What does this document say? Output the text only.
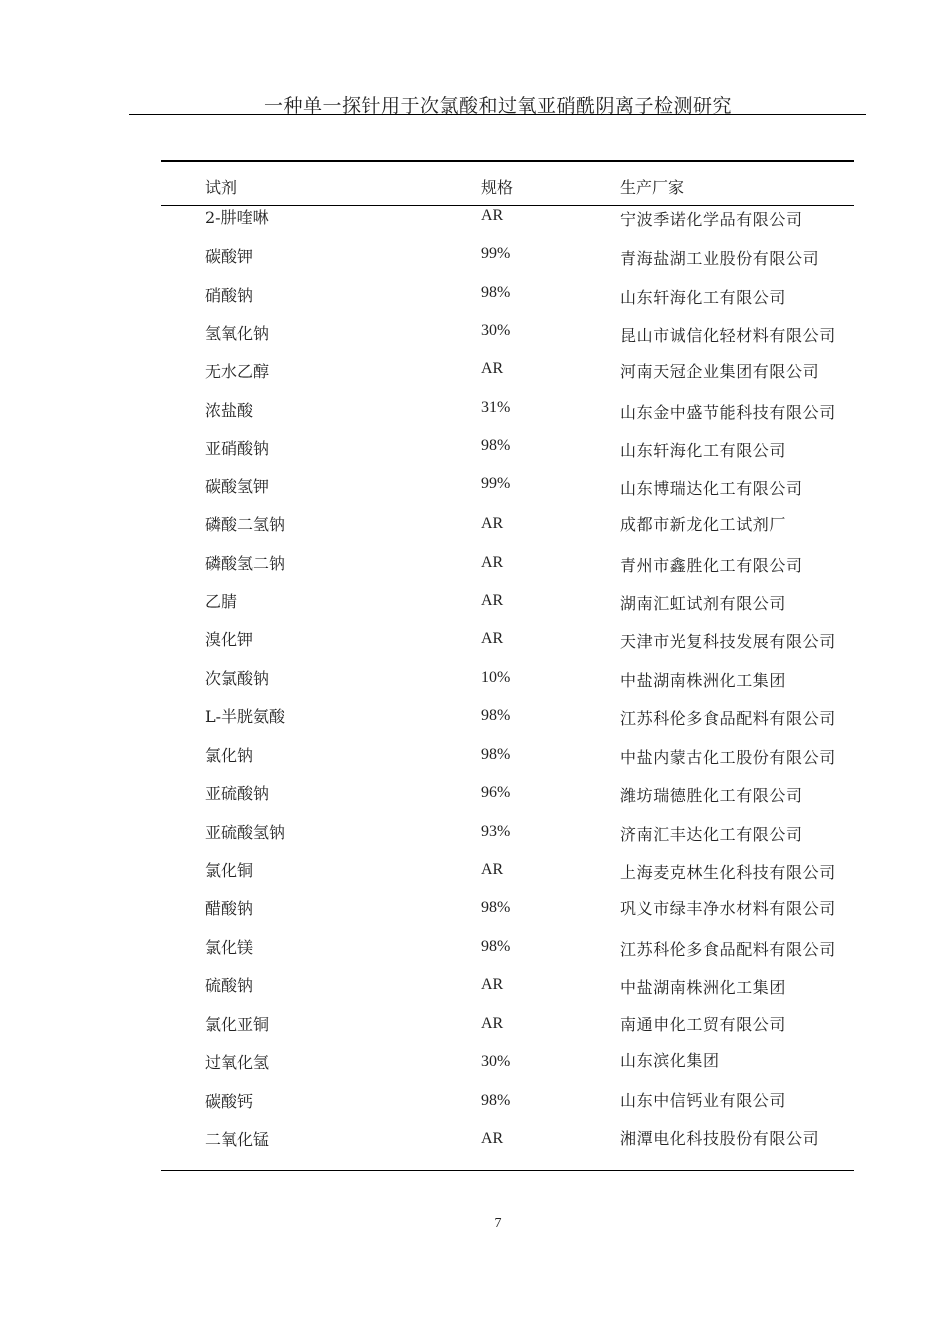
一种单一探针用于次氯酸和过氧亚硝酰阴离子检测研究
试剂	规格	生产厂家
2-肼喹啉	AR	宁波季诺化学品有限公司
碳酸钾	99%	青海盐湖工业股份有限公司
硝酸钠	98%	山东轩海化工有限公司
氢氧化钠	30%	昆山市诚信化轻材料有限公司
无水乙醇	AR	河南天冠企业集团有限公司
浓盐酸	31%	山东金中盛节能科技有限公司
亚硝酸钠	98%	山东轩海化工有限公司
碳酸氢钾	99%	山东博瑞达化工有限公司
磷酸二氢钠	AR	成都市新龙化工试剂厂
磷酸氢二钠	AR	青州市鑫胜化工有限公司
乙腈	AR	湖南汇虹试剂有限公司
溴化钾	AR	天津市光复科技发展有限公司
次氯酸钠	10%	中盐湖南株洲化工集团
L-半胱氨酸	98%	江苏科伦多食品配料有限公司
氯化钠	98%	中盐内蒙古化工股份有限公司
亚硫酸钠	96%	潍坊瑞德胜化工有限公司
亚硫酸氢钠	93%	济南汇丰达化工有限公司
氯化铜	AR	上海麦克林生化科技有限公司
醋酸钠	98%	巩义市绿丰净水材料有限公司
氯化镁	98%	江苏科伦多食品配料有限公司
硫酸钠	AR	中盐湖南株洲化工集团
氯化亚铜	AR	南通申化工贸有限公司
过氧化氢	30%	山东滨化集团
碳酸钙	98%	山东中信钙业有限公司
二氧化锰	AR	湘潭电化科技股份有限公司
7
